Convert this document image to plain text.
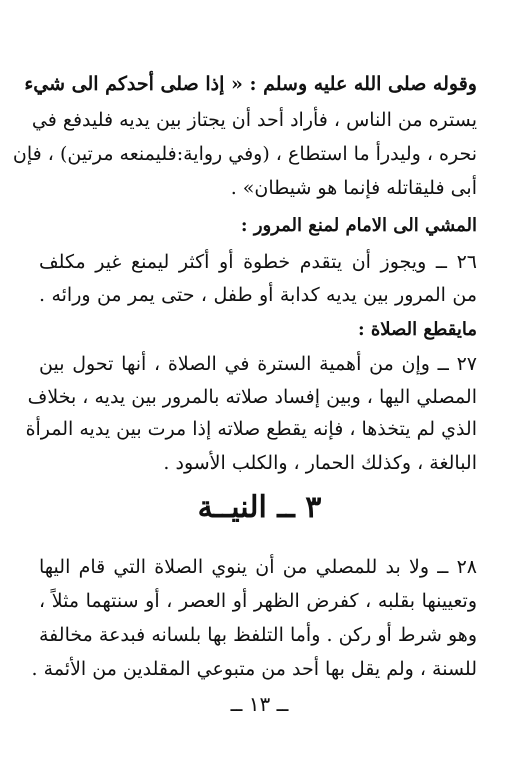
وقوله صلى الله عليه وسلم : « إذا صلى أحدكم الى شيء
يستره من الناس ، فأراد أحد أن يجتاز بين يديه فليدفع في
نحره ، وليدرأ ما استطاع ، (وفي رواية:فليمنعه مرتين) ، فإن
أبى فليقاتله فإنما هو شيطان» .
المشي الى الامام لمنع المرور :
٢٦ ــ ويجوز أن يتقدم خطوة أو أكثر ليمنع غير مكلف
من المرور بين يديه كدابة أو طفل ، حتى يمر من ورائه .
مايقطع الصلاة :
٢٧ ــ وإن من أهمية السترة في الصلاة ، أنها تحول بين
المصلي اليها ، وبين إفساد صلاته بالمرور بين يديه ، بخلاف
الذي لم يتخذها ، فإنه يقطع صلاته إذا مرت بين يديه المرأة
البالغة ، وكذلك الحمار ، والكلب الأسود .
٣ ــ النيــة
٢٨ ــ ولا بد للمصلي من أن ينوي الصلاة التي قام اليها
وتعيينها بقلبه ، كفرض الظهر أو العصر ، أو سنتهما مثلاً ،
وهو شرط أو ركن . وأما التلفظ بها بلسانه فبدعة مخالفة
للسنة ، ولم يقل بها أحد من متبوعي المقلدين من الأئمة .
ــ ١٣ ــ
